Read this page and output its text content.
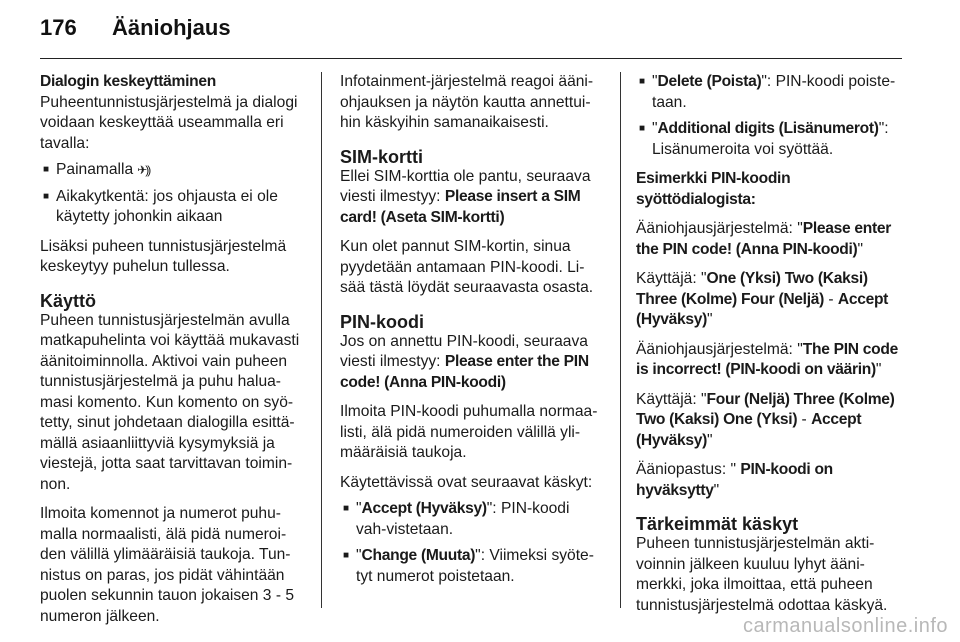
176	Ääniohjaus
Dialogin keskeyttäminen

Puheentunnistusjärjestelmä ja dialogi voidaan keskeyttää useammalla eri tavalla:

■ Painamalla ✈))
■ Aikakytkentä: jos ohjausta ei ole käytetty johonkin aikaan

Lisäksi puheen tunnistusjärjestelmä keskeytyy puhelun tullessa.

Käyttö

Puheen tunnistusjärjestelmän avulla matkapuhelinta voi käyttää mukavasti äänitoiminnolla. Aktivoi vain puheen tunnistusjärjestelmä ja puhu halua-masi komento. Kun komento on syö-tetty, sinut johdetaan dialogilla esittä-mällä asiaanliittyviä kysymyksiä ja viestejä, jotta saat tarvittavan toimin-non.

Ilmoita komennot ja numerot puhu-malla normaalisti, älä pidä numeroi-den välillä ylimääräisiä taukoja. Tun-nistus on paras, jos pidät vähintään puolen sekunnin tauon jokaisen 3 - 5 numeron jälkeen.

Infotainment-järjestelmä reagoi ääni-ohjauksen ja näytön kautta annettui-hin käskyihin samanaikaisesti.

SIM-kortti

Ellei SIM-korttia ole pantu, seuraava viesti ilmestyy: Please insert a SIM card! (Aseta SIM-kortti)

Kun olet pannut SIM-kortin, sinua pyydetään antamaan PIN-koodi. Li-sää tästä löydät seuraavasta osasta.

PIN-koodi

Jos on annettu PIN-koodi, seuraava viesti ilmestyy: Please enter the PIN code! (Anna PIN-koodi)

Ilmoita PIN-koodi puhumalla normaa-listi, älä pidä numeroiden välillä yli-määräisiä taukoja.

Käytettävissä ovat seuraavat käskyt:

■ "Accept (Hyväksy)": PIN-koodi vah-vistetaan.
■ "Change (Muuta)": Viimeksi syöte-tyt numerot poistetaan.
■ "Delete (Poista)": PIN-koodi poiste-taan.
■ "Additional digits (Lisänumerot)": Lisänumeroita voi syöttää.
Esimerkki PIN-koodin syöttödialogista:

Ääniohjausjärjestelmä: "Please enter the PIN code! (Anna PIN-koodi)"

Käyttäjä: "One (Yksi) Two (Kaksi) Three (Kolme) Four (Neljä) - Accept (Hyväksy)"

Ääniohjausjärjestelmä: "The PIN code is incorrect! (PIN-koodi on väärin)"

Käyttäjä: "Four (Neljä) Three (Kolme) Two (Kaksi) One (Yksi) - Accept (Hyväksy)"

Ääniopastus: " PIN-koodi on hyväksytty"

Tärkeimmät käskyt

Puheen tunnistusjärjestelmän akti-voinnin jälkeen kuuluu lyhyt ääni-merkki, joka ilmoittaa, että puheen tunnistusjärjestelmä odottaa käskyä.

carmanualsonline.info
